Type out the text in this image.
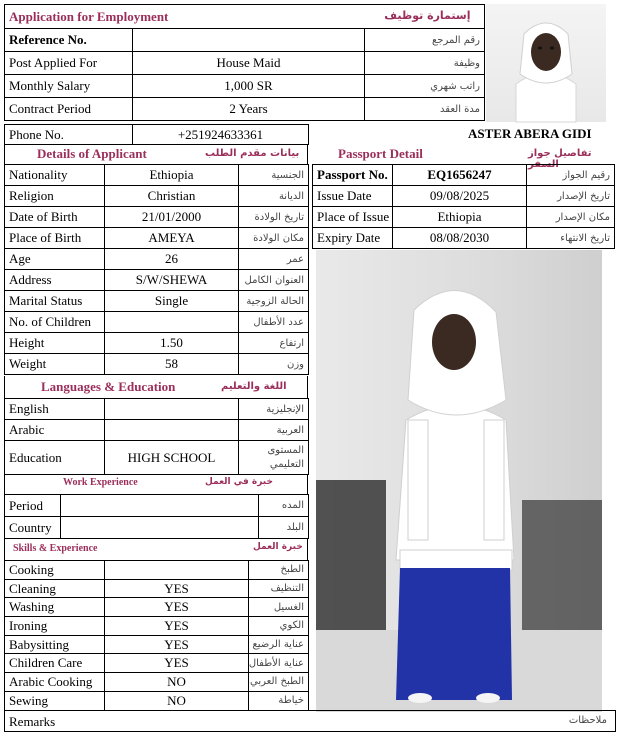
Application for Employment إستمارة توظيف		

Reference No.		رقم المرجع
Post Applied For	House Maid	وظيفة
Monthly Salary	1,000 SR	راتب شهري
Contract Period	2 Years	مدة العقد
Phone No.	+251924633361	ASTER ABERA GIDI
Details of Applicant	بيانات مقدم الطلب
Nationality	Ethiopia	الجنسية
Religion	Christian	الديانة
Date of Birth	21/01/2000	تاريخ الولادة
Place of Birth	AMEYA	مكان الولادة
Age	26	عمر
Address	S/W/SHEWA	العنوان الكامل
Marital Status	Single	الحالة الزوجية
No. of Children		عدد الأطفال
Height	1.50	ارتفاع
Weight	58	وزن
Passport Detail	تفاصيل جواز السفر
Passport No.	EQ1656247	رقيم الجواز
Issue Date	09/08/2025	تاريخ الإصدار
Place of Issue	Ethiopia	مكان الإصدار
Expiry Date	08/08/2030	تاريخ الانتهاء
Languages & Education	اللغة والتعليم
English		الإنجليزية
Arabic		العربية
Education	HIGH SCHOOL	المستوى التعليمي
Work Experience	خبرة في العمل
Period		المده
Country		البلد
Skills & Experience	خبرة العمل
Cooking		الطبخ
Cleaning	YES	التنظيف
Washing	YES	الغسيل
Ironing	YES	الكوي
Babysitting	YES	عناية الرضيع
Children Care	YES	عناية الأطفال
Arabic Cooking	NO	الطبخ العربي
Sewing	NO	خياطة
Remarks	ملاحظات
